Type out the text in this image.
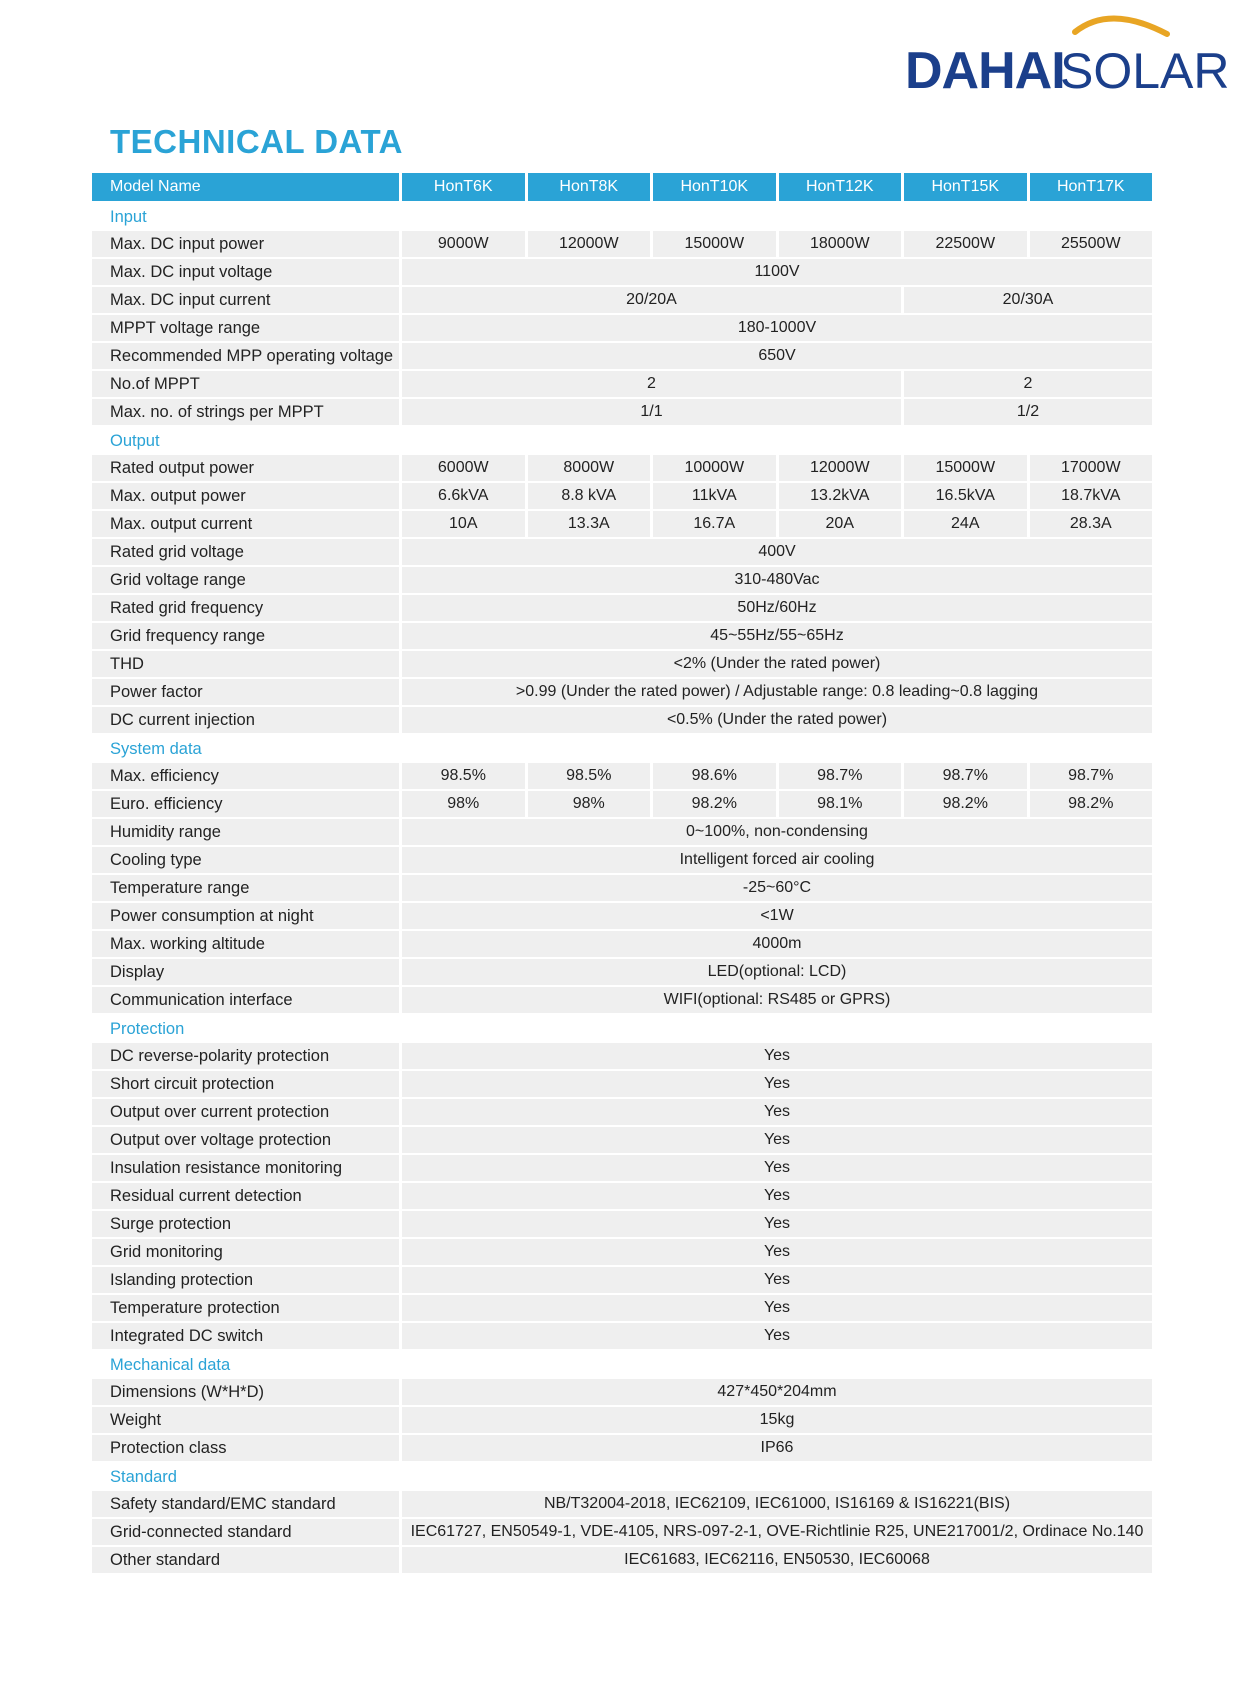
DAHAI
SOLAR
TECHNICAL DATA
Model Name	HonT6K	HonT8K	HonT10K	HonT12K	HonT15K	HonT17K
Input						
Max. DC input power	9000W	12000W	15000W	18000W	22500W	25500W
Max. DC input voltage	1100V					
Max. DC input current	20/20A				20/30A	
MPPT voltage range	180-1000V					
Recommended MPP operating voltage	650V					
No.of MPPT	2				2	
Max. no. of strings per MPPT	1/1				1/2	
Output						
Rated output power	6000W	8000W	10000W	12000W	15000W	17000W
Max. output power	6.6kVA	8.8 kVA	11kVA	13.2kVA	16.5kVA	18.7kVA
Max. output current	10A	13.3A	16.7A	20A	24A	28.3A
Rated grid voltage	400V					
Grid voltage range	310-480Vac					
Rated grid frequency	50Hz/60Hz					
Grid frequency range	45~55Hz/55~65Hz					
THD	<2% (Under the rated power)					
Power factor	>0.99 (Under the rated power) / Adjustable range: 0.8 leading~0.8 lagging					
DC current injection	<0.5% (Under the rated power)					
System data						
Max. efficiency	98.5%	98.5%	98.6%	98.7%	98.7%	98.7%
Euro. efficiency	98%	98%	98.2%	98.1%	98.2%	98.2%
Humidity range	0~100%, non-condensing					
Cooling type	Intelligent forced air cooling					
Temperature range	-25~60°C					
Power consumption at night	<1W					
Max. working altitude	4000m					
Display	LED(optional: LCD)					
Communication interface	WIFI(optional: RS485 or GPRS)					
Protection						
DC reverse-polarity protection	Yes					
Short circuit protection	Yes					
Output over current protection	Yes					
Output over voltage protection	Yes					
Insulation resistance monitoring	Yes					
Residual current detection	Yes					
Surge protection	Yes					
Grid monitoring	Yes					
Islanding protection	Yes					
Temperature protection	Yes					
Integrated DC switch	Yes					
Mechanical data						
Dimensions (W*H*D)	427*450*204mm					
Weight	15kg					
Protection class	IP66					
Standard						
Safety standard/EMC standard	NB/T32004-2018, IEC62109, IEC61000, IS16169 & IS16221(BIS)					
Grid-connected standard	IEC61727, EN50549-1, VDE-4105, NRS-097-2-1, OVE-Richtlinie R25, UNE217001/2, Ordinace No.140					
Other standard	IEC61683, IEC62116, EN50530, IEC60068					
